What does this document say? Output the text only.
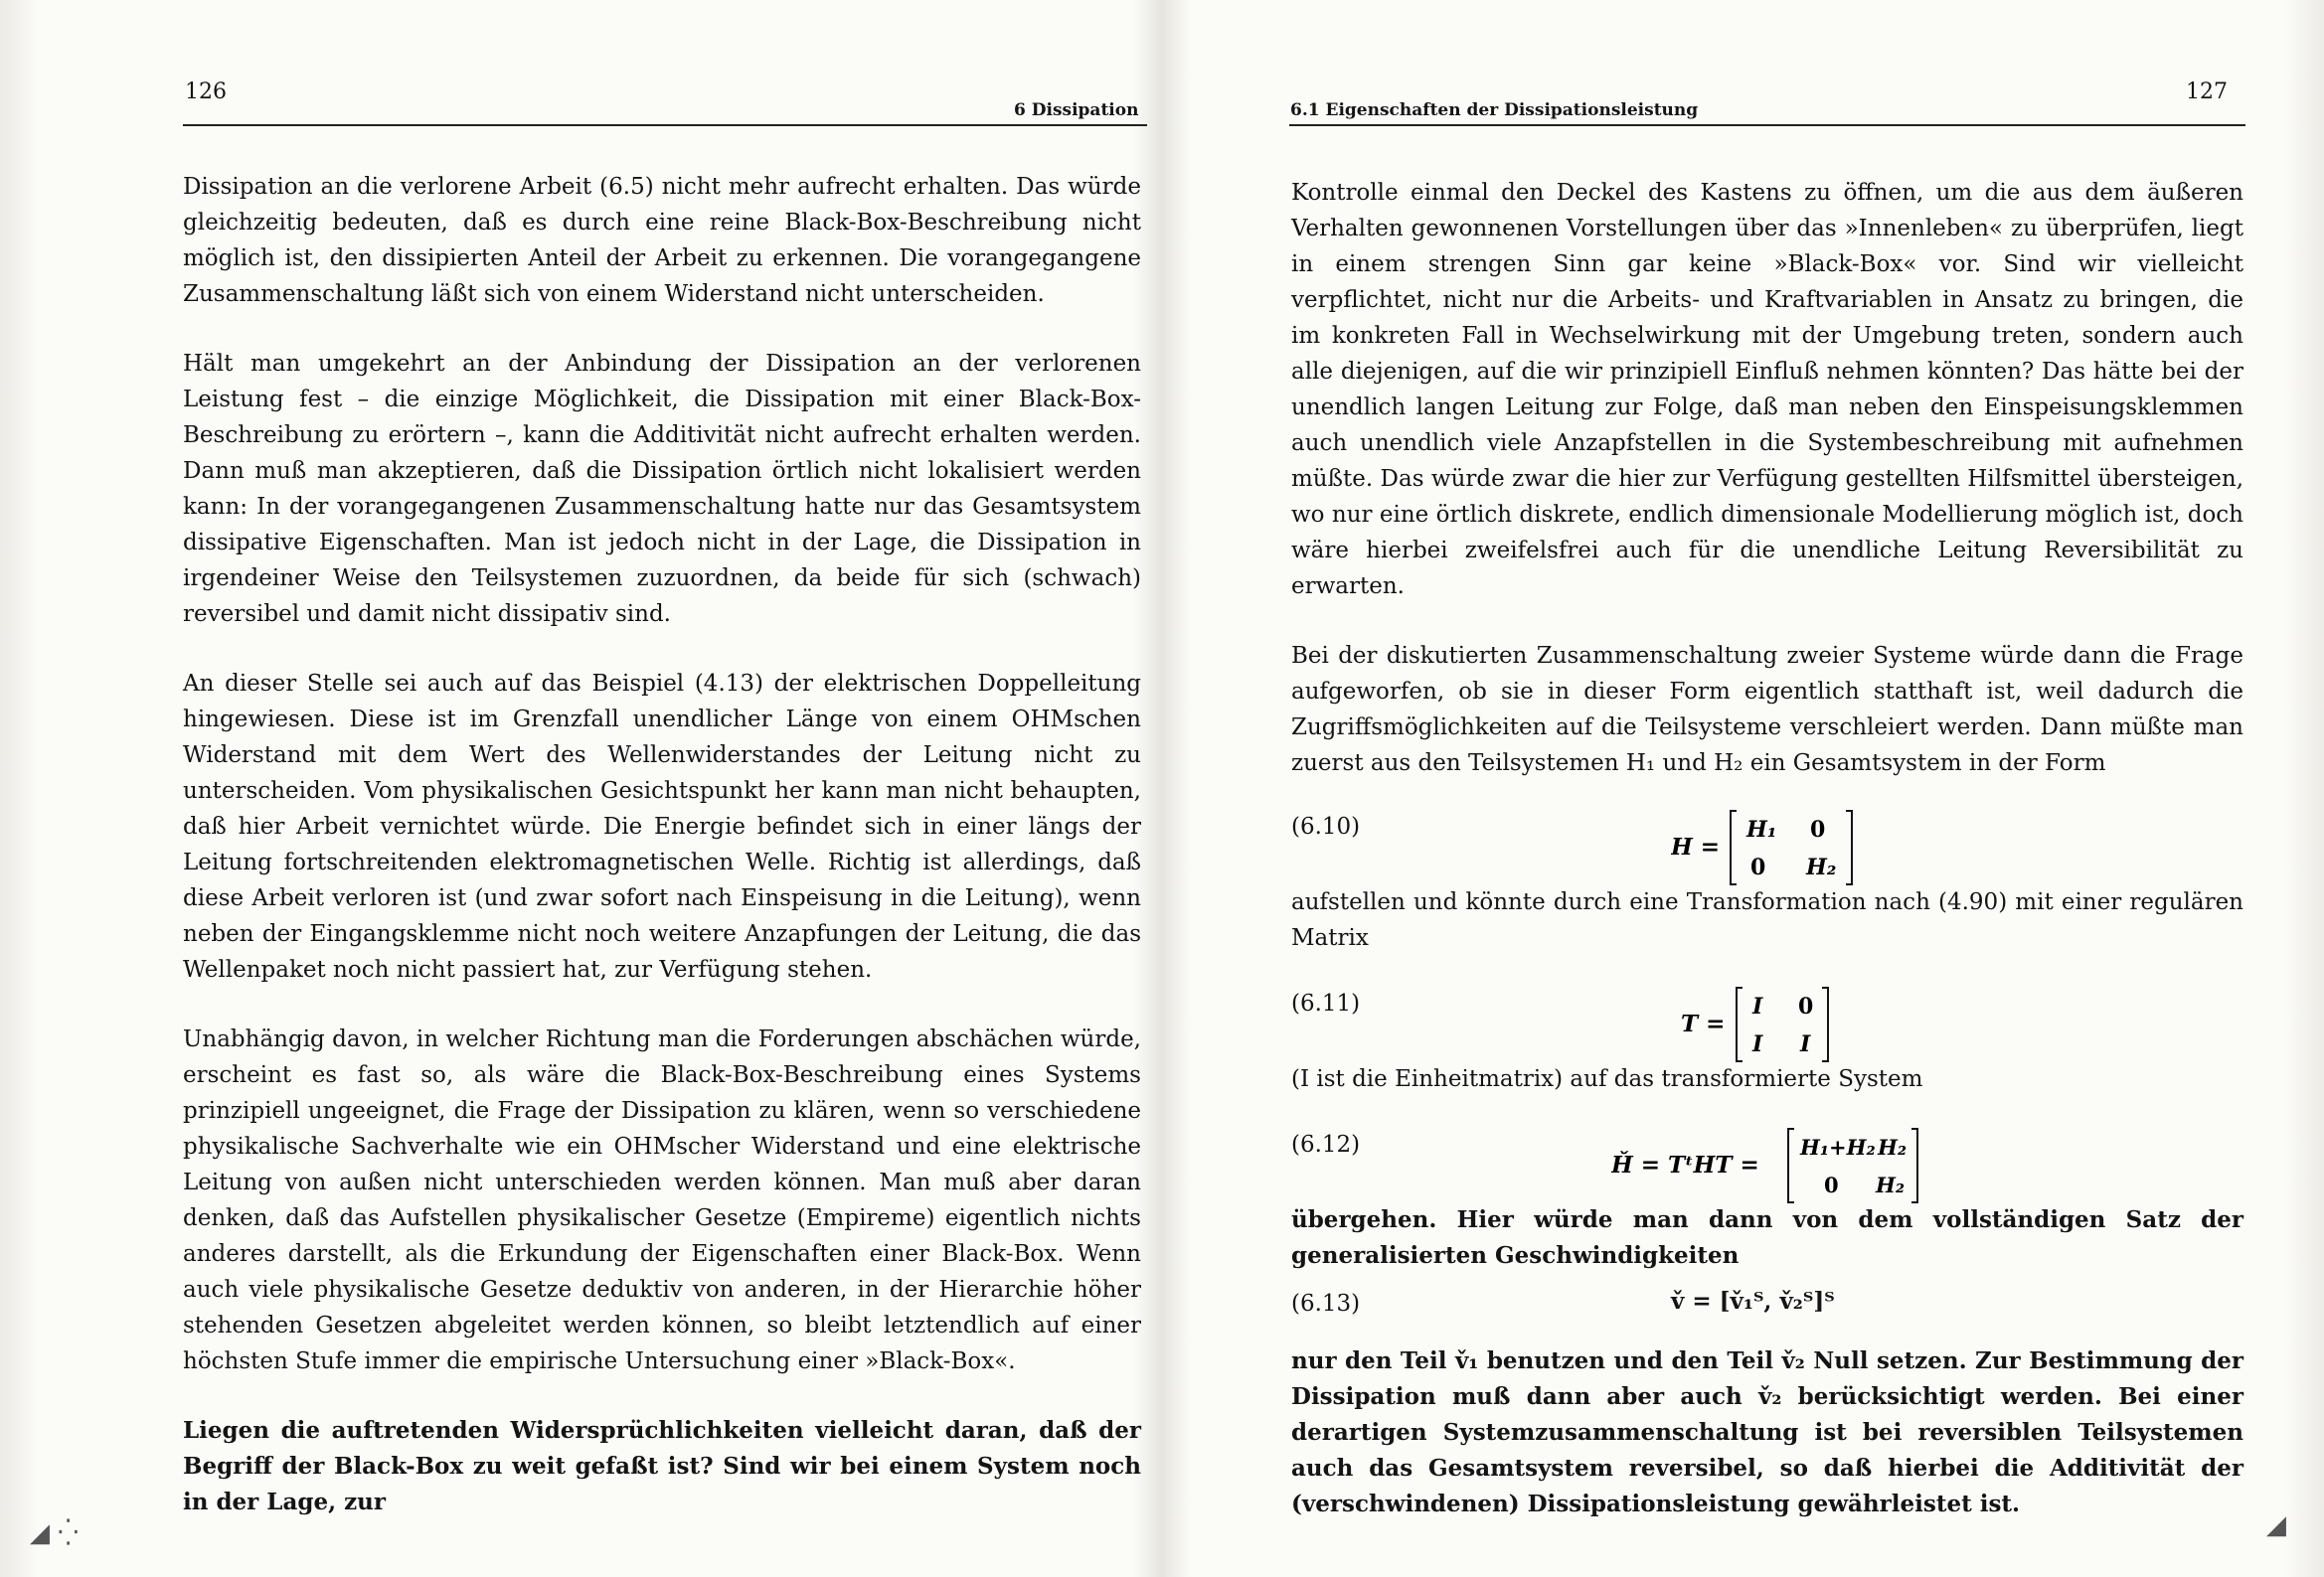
126
6 Dissipation

Dissipation an die verlorene Arbeit (6.5) nicht mehr aufrecht erhalten. Das würde gleichzeitig bedeuten, daß es durch eine reine Black-Box-Beschreibung nicht möglich ist, den dissipierten Anteil der Arbeit zu erkennen. Die vorangegangene Zusammenschaltung läßt sich von einem Widerstand nicht unterscheiden.

Hält man umgekehrt an der Anbindung der Dissipation an der verlorenen Leistung fest – die einzige Möglichkeit, die Dissipation mit einer Black-Box-Beschreibung zu erörtern –, kann die Additivität nicht aufrecht erhalten werden. Dann muß man akzeptieren, daß die Dissipation örtlich nicht lokalisiert werden kann: In der vorangegangenen Zusammenschaltung hatte nur das Gesamtsystem dissipative Eigenschaften. Man ist jedoch nicht in der Lage, die Dissipation in irgendeiner Weise den Teilsystemen zuzuordnen, da beide für sich (schwach) reversibel und damit nicht dissipativ sind.

An dieser Stelle sei auch auf das Beispiel (4.13) der elektrischen Doppelleitung hingewiesen. Diese ist im Grenzfall unendlicher Länge von einem OHMschen Widerstand mit dem Wert des Wellenwiderstandes der Leitung nicht zu unterscheiden. Vom physikalischen Gesichtspunkt her kann man nicht behaupten, daß hier Arbeit vernichtet würde. Die Energie befindet sich in einer längs der Leitung fortschreitenden elektromagnetischen Welle. Richtig ist allerdings, daß diese Arbeit verloren ist (und zwar sofort nach Einspeisung in die Leitung), wenn neben der Eingangsklemme nicht noch weitere Anzapfungen der Leitung, die das Wellenpaket noch nicht passiert hat, zur Verfügung stehen.

Unabhängig davon, in welcher Richtung man die Forderungen abschächen würde, erscheint es fast so, als wäre die Black-Box-Beschreibung eines Systems prinzipiell ungeeignet, die Frage der Dissipation zu klären, wenn so verschiedene physikalische Sachverhalte wie ein OHMscher Widerstand und eine elektrische Leitung von außen nicht unterschieden werden können. Man muß aber daran denken, daß das Aufstellen physikalischer Gesetze (Empireme) eigentlich nichts anderes darstellt, als die Erkundung der Eigenschaften einer Black-Box. Wenn auch viele physikalische Gesetze deduktiv von anderen, in der Hierarchie höher stehenden Gesetzen abgeleitet werden können, so bleibt letztendlich auf einer höchsten Stufe immer die empirische Untersuchung einer »Black-Box«.

Liegen die auftretenden Widersprüchlichkeiten vielleicht daran, daß der Begriff der Black-Box zu weit gefaßt ist? Sind wir bei einem System noch in der Lage, zur

127
6.1 Eigenschaften der Dissipationsleistung

Kontrolle einmal den Deckel des Kastens zu öffnen, um die aus dem äußeren Verhalten gewonnenen Vorstellungen über das »Innenleben« zu überprüfen, liegt in einem strengen Sinn gar keine »Black-Box« vor. Sind wir vielleicht verpflichtet, nicht nur die Arbeits- und Kraftvariablen in Ansatz zu bringen, die im konkreten Fall in Wechselwirkung mit der Umgebung treten, sondern auch alle diejenigen, auf die wir prinzipiell Einfluß nehmen könnten? Das hätte bei der unendlich langen Leitung zur Folge, daß man neben den Einspeisungsklemmen auch unendlich viele Anzapfstellen in die Systembeschreibung mit aufnehmen müßte. Das würde zwar die hier zur Verfügung gestellten Hilfsmittel übersteigen, wo nur eine örtlich diskrete, endlich dimensionale Modellierung möglich ist, doch wäre hierbei zweifelsfrei auch für die unendliche Leitung Reversibilität zu erwarten.

Bei der diskutierten Zusammenschaltung zweier Systeme würde dann die Frage aufgeworfen, ob sie in dieser Form eigentlich statthaft ist, weil dadurch die Zugriffsmöglichkeiten auf die Teilsysteme verschleiert werden. Dann müßte man zuerst aus den Teilsystemen H₁ und H₂ ein Gesamtsystem in der Form

(6.10)
H =
H₁ 0
0 H₂

aufstellen und könnte durch eine Transformation nach (4.90) mit einer regulären Matrix

(6.11)
T =
I 0
I I

(I ist die Einheitmatrix) auf das transformierte System

(6.12)
Ȟ = TᵗHT =
H₁+H₂ H₂
0 H₂

übergehen. Hier würde man dann von dem vollständigen Satz der generalisierten Geschwindigkeiten

(6.13)	v̌ = [v̌₁ᵀ, v̌₂ᵀ]ᵀ

nur den Teil v̌₁ benutzen und den Teil v̌₂ Null setzen. Zur Bestimmung der Dissipation muß dann aber auch v̌₂ berücksichtigt werden. Bei einer derartigen Systemzusammenschaltung ist bei reversiblen Teilsystemen auch das Gesamtsystem reversibel, so daß hierbei die Additivität der (verschwindenen) Dissipationsleistung gewährleistet ist.

◢ ⁛	◢
